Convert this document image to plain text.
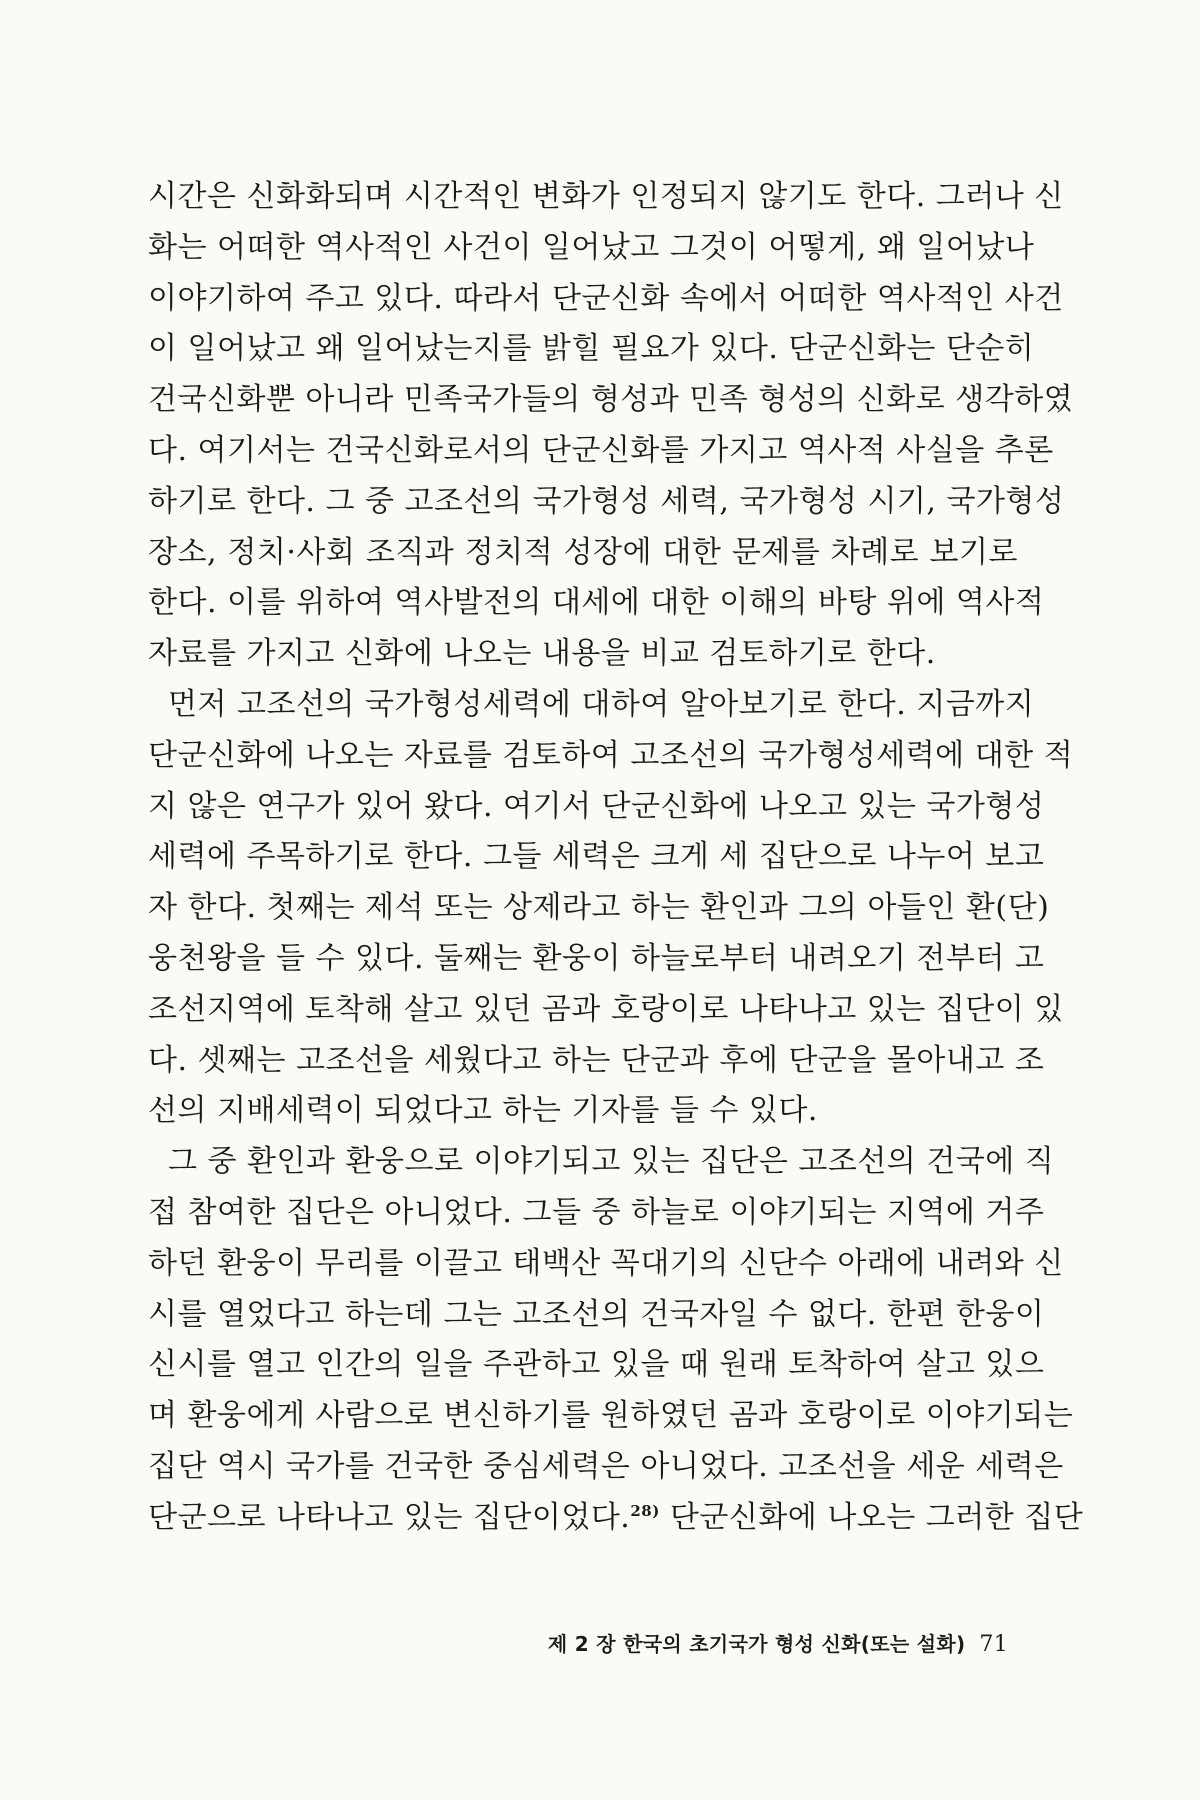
시간은 신화화되며 시간적인 변화가 인정되지 않기도 한다. 그러나 신
화는 어떠한 역사적인 사건이 일어났고 그것이 어떻게, 왜 일어났나
이야기하여 주고 있다. 따라서 단군신화 속에서 어떠한 역사적인 사건
이 일어났고 왜 일어났는지를 밝힐 필요가 있다. 단군신화는 단순히
건국신화뿐 아니라 민족국가들의 형성과 민족 형성의 신화로 생각하였
다. 여기서는 건국신화로서의 단군신화를 가지고 역사적 사실을 추론
하기로 한다. 그 중 고조선의 국가형성 세력, 국가형성 시기, 국가형성
장소, 정치·사회 조직과 정치적 성장에 대한 문제를 차례로 보기로
한다. 이를 위하여 역사발전의 대세에 대한 이해의 바탕 위에 역사적
자료를 가지고 신화에 나오는 내용을 비교 검토하기로 한다.
먼저 고조선의 국가형성세력에 대하여 알아보기로 한다. 지금까지
단군신화에 나오는 자료를 검토하여 고조선의 국가형성세력에 대한 적
지 않은 연구가 있어 왔다. 여기서 단군신화에 나오고 있는 국가형성
세력에 주목하기로 한다. 그들 세력은 크게 세 집단으로 나누어 보고
자 한다. 첫째는 제석 또는 상제라고 하는 환인과 그의 아들인 환(단)
웅천왕을 들 수 있다. 둘째는 환웅이 하늘로부터 내려오기 전부터 고
조선지역에 토착해 살고 있던 곰과 호랑이로 나타나고 있는 집단이 있
다. 셋째는 고조선을 세웠다고 하는 단군과 후에 단군을 몰아내고 조
선의 지배세력이 되었다고 하는 기자를 들 수 있다.
그 중 환인과 환웅으로 이야기되고 있는 집단은 고조선의 건국에 직
접 참여한 집단은 아니었다. 그들 중 하늘로 이야기되는 지역에 거주
하던 환웅이 무리를 이끌고 태백산 꼭대기의 신단수 아래에 내려와 신
시를 열었다고 하는데 그는 고조선의 건국자일 수 없다. 한편 한웅이
신시를 열고 인간의 일을 주관하고 있을 때 원래 토착하여 살고 있으
며 환웅에게 사람으로 변신하기를 원하였던 곰과 호랑이로 이야기되는
집단 역시 국가를 건국한 중심세력은 아니었다. 고조선을 세운 세력은
단군으로 나타나고 있는 집단이었다.$^{28)}$ 단군신화에 나오는 그러한 집단
제 2 장 한국의 초기국가 형성 신화(또는 설화) 71
